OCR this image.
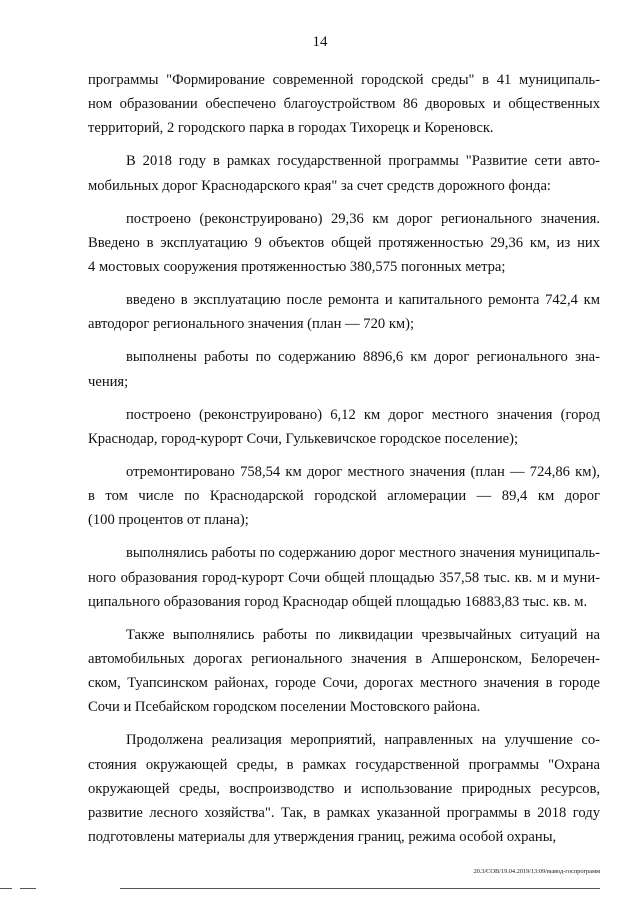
14
программы "Формирование современной городской среды" в 41 муниципаль-
ном образовании обеспечено благоустройством 86 дворовых и общественных
территорий, 2 городского парка в городах Тихорецк и Кореновск.
В 2018 году в рамках государственной программы "Развитие сети авто-
мобильных дорог Краснодарского края" за счет средств дорожного фонда:
построено (реконструировано) 29,36 км дорог регионального значения.
Введено в эксплуатацию 9 объектов общей протяженностью 29,36 км, из них
4 мостовых сооружения протяженностью 380,575 погонных метра;
введено в эксплуатацию после ремонта и капитального ремонта 742,4 км
автодорог регионального значения (план — 720 км);
выполнены работы по содержанию 8896,6 км дорог регионального зна-
чения;
построено (реконструировано) 6,12 км дорог местного значения (город
Краснодар, город-курорт Сочи, Гулькевичское городское поселение);
отремонтировано 758,54 км дорог местного значения (план — 724,86 км),
в том числе по Краснодарской городской агломерации — 89,4 км дорог
(100 процентов от плана);
выполнялись работы по содержанию дорог местного значения муниципаль-
ного образования город-курорт Сочи общей площадью 357,58 тыс. кв. м и муни-
ципального образования город Краснодар общей площадью 16883,83 тыс. кв. м.
Также выполнялись работы по ликвидации чрезвычайных ситуаций на
автомобильных дорогах регионального значения в Апшеронском, Белоречен-
ском, Туапсинском районах, городе Сочи, дорогах местного значения в городе
Сочи и Псебайском городском поселении Мостовского района.
Продолжена реализация мероприятий, направленных на улучшение со-
стояния окружающей среды, в рамках государственной программы "Охрана
окружающей среды, воспроизводство и использование природных ресурсов,
развитие лесного хозяйства". Так, в рамках указанной программы в 2018 году
подготовлены материалы для утверждения границ, режима особой охраны,
20.3/СОВ/19.04.2019/13:09/вывод-госпрограмм
